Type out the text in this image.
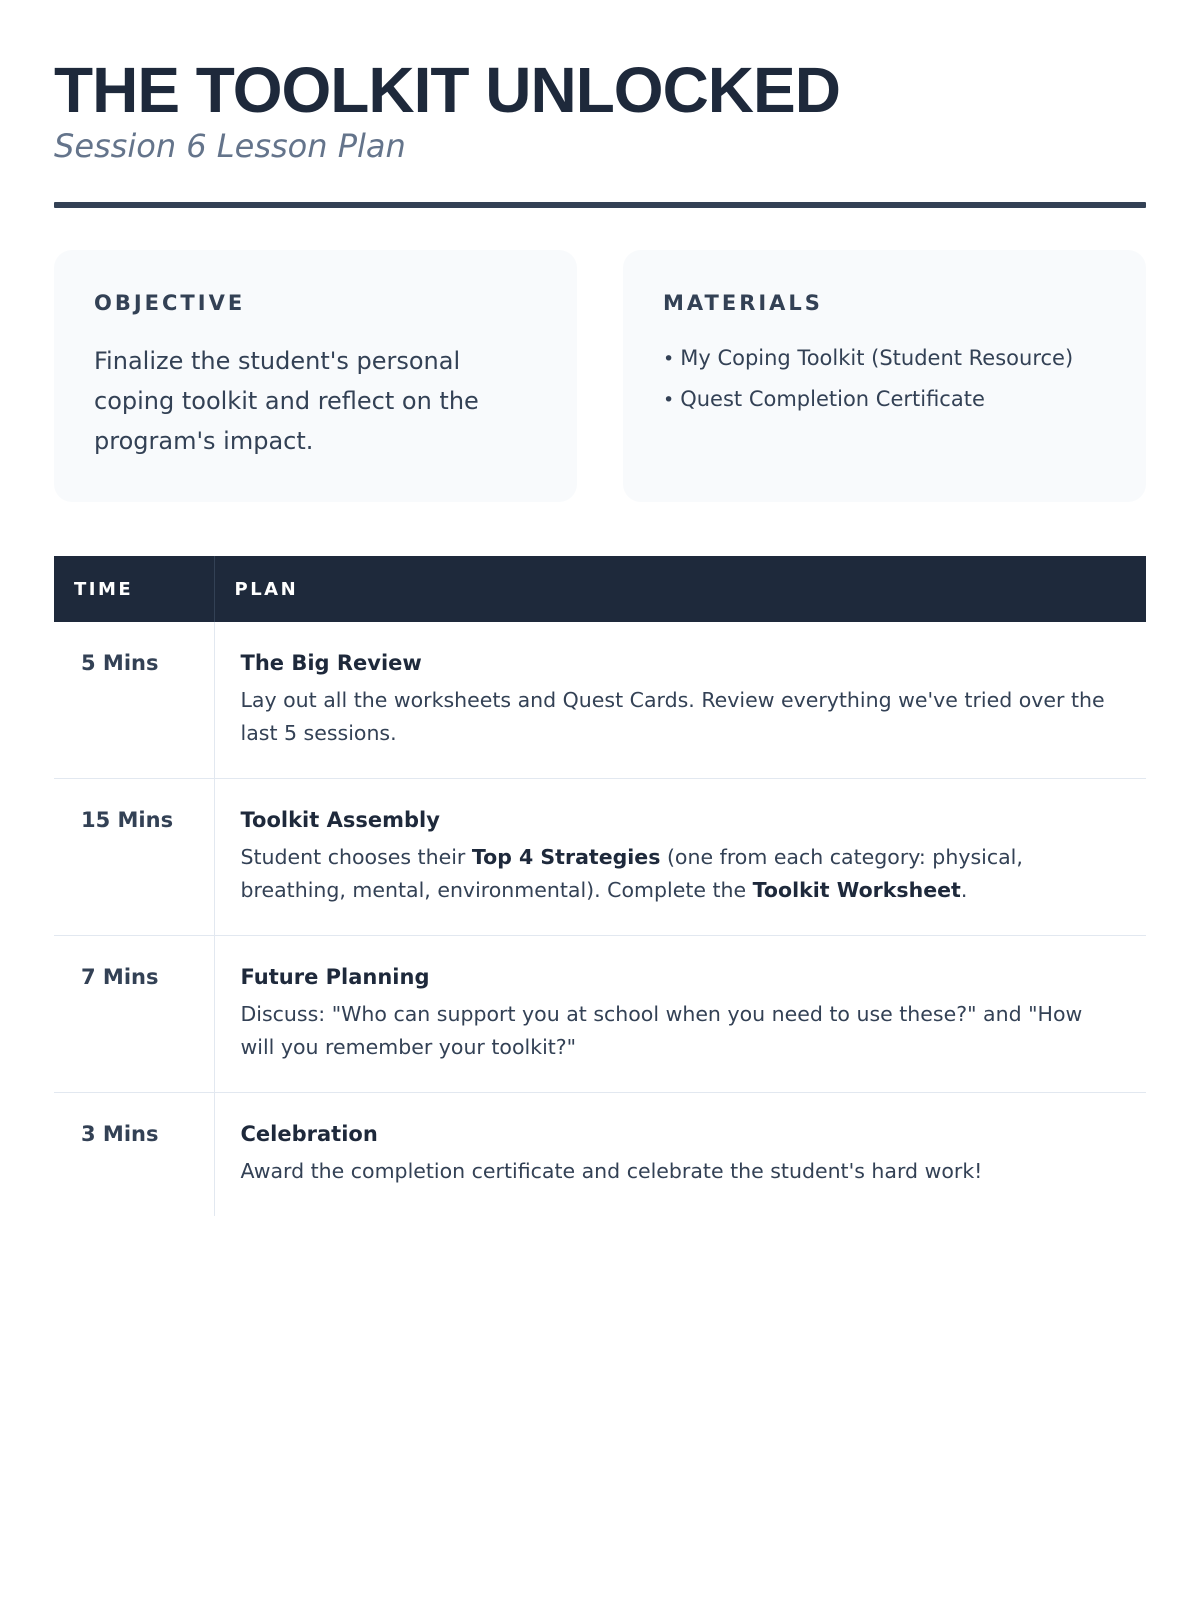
THE TOOLKIT UNLOCKED
Session 6 Lesson Plan
OBJECTIVE
Finalize the student's personal coping toolkit and reflect on the program's impact.
MATERIALS
• My Coping Toolkit (Student Resource)
• Quest Completion Certificate
TIME	PLAN
5 Mins	The Big Review
Lay out all the worksheets and Quest Cards. Review everything we've tried over the last 5 sessions.

15 Mins	Toolkit Assembly
Student chooses their Top 4 Strategies (one from each category: physical, breathing, mental, environmental). Complete the Toolkit Worksheet.

7 Mins	Future Planning
Discuss: "Who can support you at school when you need to use these?" and "How will you remember your toolkit?"

3 Mins	Celebration
Award the completion certificate and celebrate the student's hard work!
